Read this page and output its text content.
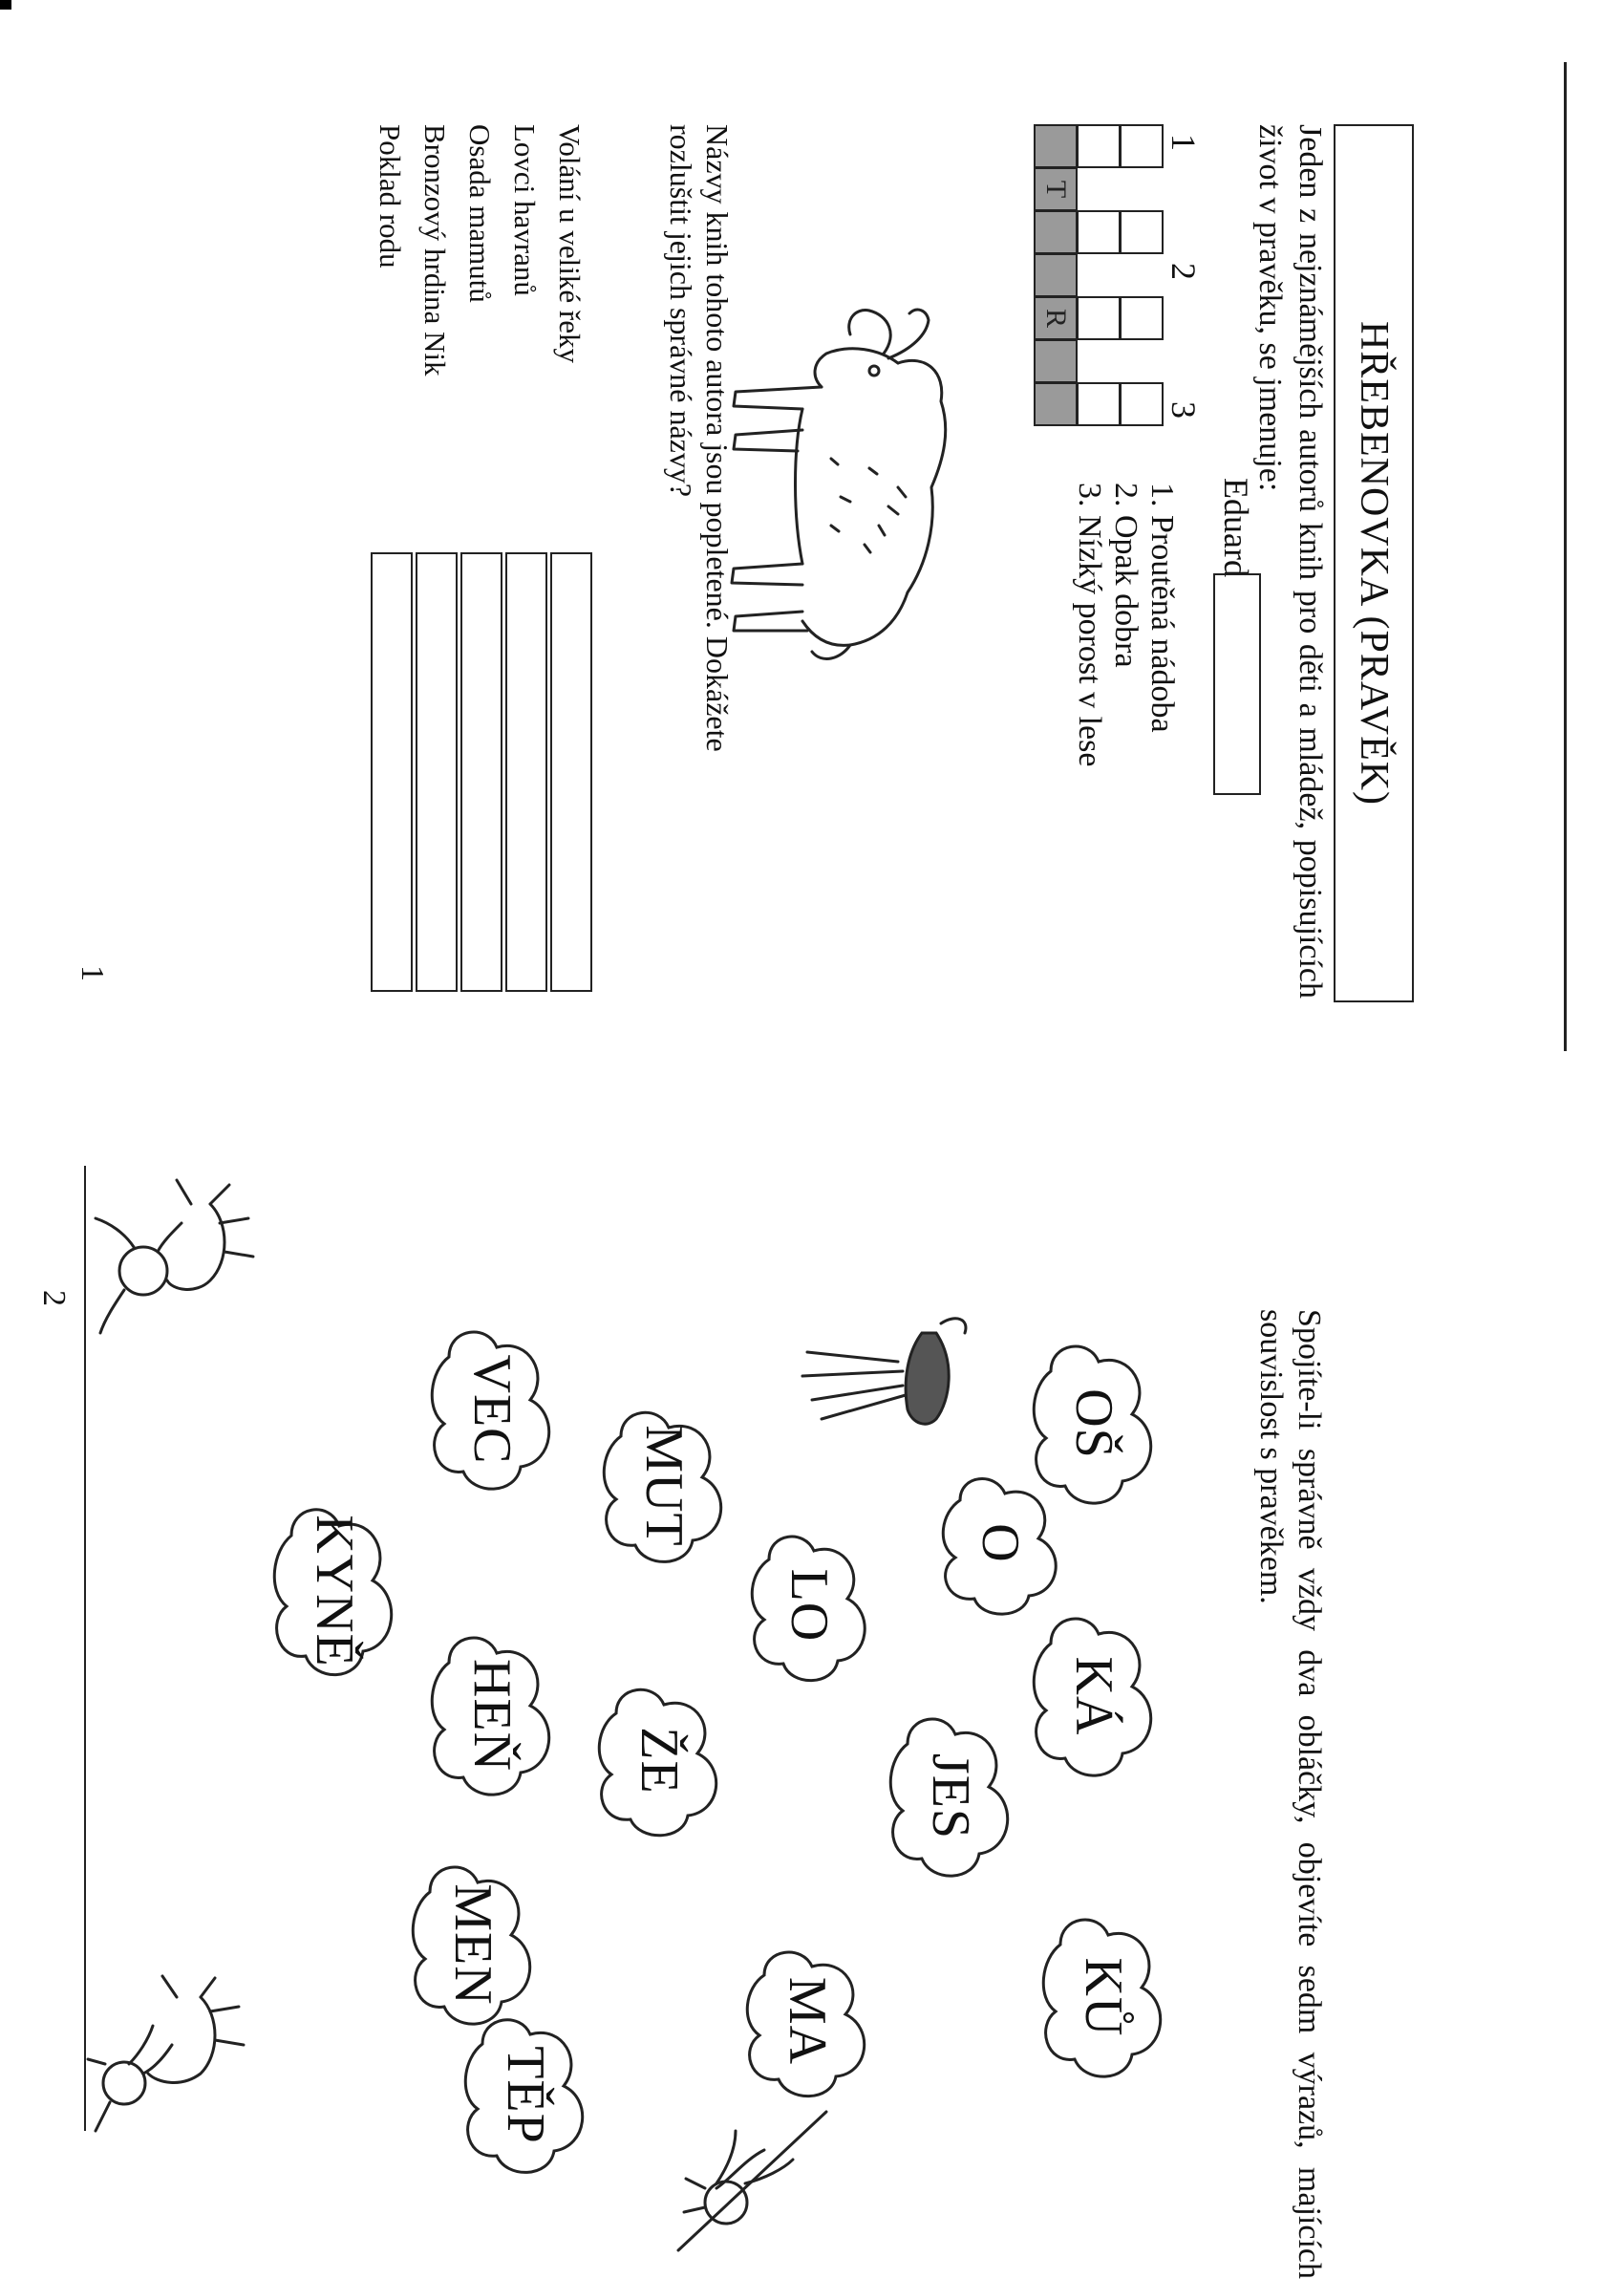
HŘEBENOVKA (PRAVĚK)
Jeden z nejznámějších autorů knih pro děti a mládež, popisujících život v pravěku, se jmenuje:
1
2
3
T
R
Eduard
1.Proutěná nádoba
2.Opak dobra
3.Nízký porost v lese
Názvy knih tohoto autora jsou popletené. Dokážete rozluštit jejich správné názvy?
Volání u veliké řeky
Lovci havranů
Osada mamutů
Bronzový hrdina Nik
Poklad rodu
1
Spojíte-li správně vždy dva obláčky, objevíte sedm výrazů, majících souvislost s pravěkem.
2
OŠ
KÁ
KŮ
O
JES
LO
MA
MUT
ŽE
VEC
HEŇ
MEN
TĚP
KYNĚ
